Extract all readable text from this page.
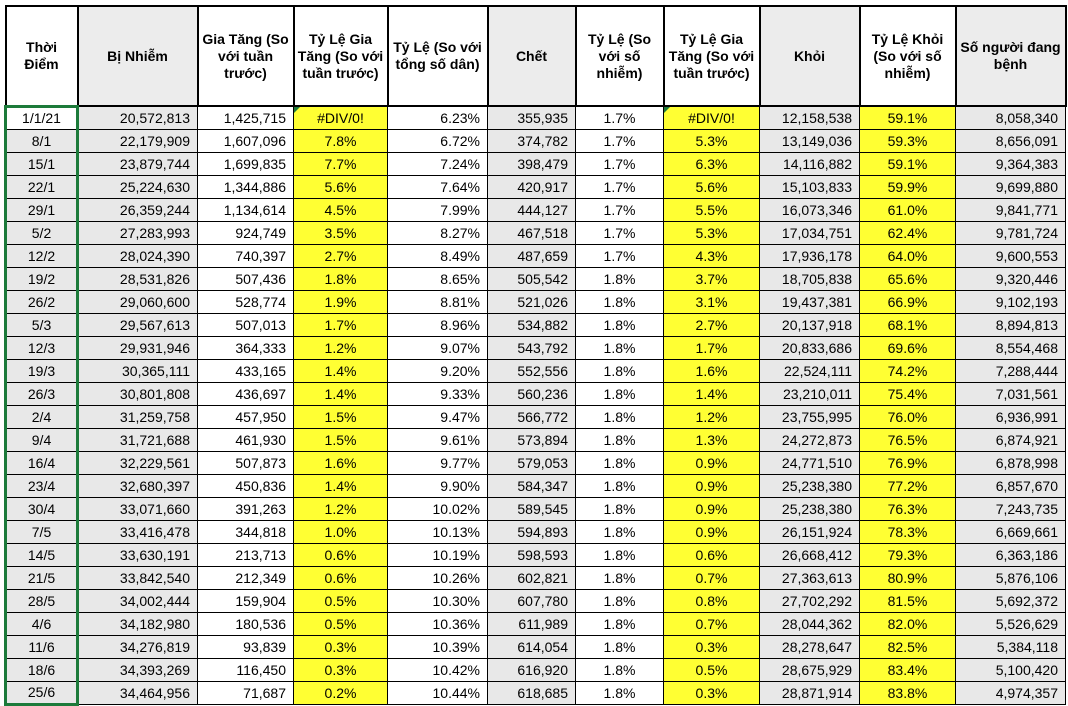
Thời Điểm	Bị Nhiễm	Gia Tăng (So với tuần trước)	Tỷ Lệ Gia Tăng (So với tuần trước)	Tỷ Lệ (So với tổng số dân)	Chết	Tỷ Lệ (So với số nhiễm)	Tỷ Lệ Gia Tăng (So với tuần trước)	Khỏi	Tỷ Lệ Khỏi (So với số nhiễm)	Số người đang bệnh

1/1/21	20,572,813	1,425,715	#DIV/0!	6.23%	355,935	1.7%	#DIV/0!	12,158,538	59.1%	8,058,340
8/1	22,179,909	1,607,096	7.8%	6.72%	374,782	1.7%	5.3%	13,149,036	59.3%	8,656,091
15/1	23,879,744	1,699,835	7.7%	7.24%	398,479	1.7%	6.3%	14,116,882	59.1%	9,364,383
22/1	25,224,630	1,344,886	5.6%	7.64%	420,917	1.7%	5.6%	15,103,833	59.9%	9,699,880
29/1	26,359,244	1,134,614	4.5%	7.99%	444,127	1.7%	5.5%	16,073,346	61.0%	9,841,771
5/2	27,283,993	924,749	3.5%	8.27%	467,518	1.7%	5.3%	17,034,751	62.4%	9,781,724
12/2	28,024,390	740,397	2.7%	8.49%	487,659	1.7%	4.3%	17,936,178	64.0%	9,600,553
19/2	28,531,826	507,436	1.8%	8.65%	505,542	1.8%	3.7%	18,705,838	65.6%	9,320,446
26/2	29,060,600	528,774	1.9%	8.81%	521,026	1.8%	3.1%	19,437,381	66.9%	9,102,193
5/3	29,567,613	507,013	1.7%	8.96%	534,882	1.8%	2.7%	20,137,918	68.1%	8,894,813
12/3	29,931,946	364,333	1.2%	9.07%	543,792	1.8%	1.7%	20,833,686	69.6%	8,554,468
19/3	30,365,111	433,165	1.4%	9.20%	552,556	1.8%	1.6%	22,524,111	74.2%	7,288,444
26/3	30,801,808	436,697	1.4%	9.33%	560,236	1.8%	1.4%	23,210,011	75.4%	7,031,561
2/4	31,259,758	457,950	1.5%	9.47%	566,772	1.8%	1.2%	23,755,995	76.0%	6,936,991
9/4	31,721,688	461,930	1.5%	9.61%	573,894	1.8%	1.3%	24,272,873	76.5%	6,874,921
16/4	32,229,561	507,873	1.6%	9.77%	579,053	1.8%	0.9%	24,771,510	76.9%	6,878,998
23/4	32,680,397	450,836	1.4%	9.90%	584,347	1.8%	0.9%	25,238,380	77.2%	6,857,670
30/4	33,071,660	391,263	1.2%	10.02%	589,545	1.8%	0.9%	25,238,380	76.3%	7,243,735
7/5	33,416,478	344,818	1.0%	10.13%	594,893	1.8%	0.9%	26,151,924	78.3%	6,669,661
14/5	33,630,191	213,713	0.6%	10.19%	598,593	1.8%	0.6%	26,668,412	79.3%	6,363,186
21/5	33,842,540	212,349	0.6%	10.26%	602,821	1.8%	0.7%	27,363,613	80.9%	5,876,106
28/5	34,002,444	159,904	0.5%	10.30%	607,780	1.8%	0.8%	27,702,292	81.5%	5,692,372
4/6	34,182,980	180,536	0.5%	10.36%	611,989	1.8%	0.7%	28,044,362	82.0%	5,526,629
11/6	34,276,819	93,839	0.3%	10.39%	614,054	1.8%	0.3%	28,278,647	82.5%	5,384,118
18/6	34,393,269	116,450	0.3%	10.42%	616,920	1.8%	0.5%	28,675,929	83.4%	5,100,420
25/6	34,464,956	71,687	0.2%	10.44%	618,685	1.8%	0.3%	28,871,914	83.8%	4,974,357
